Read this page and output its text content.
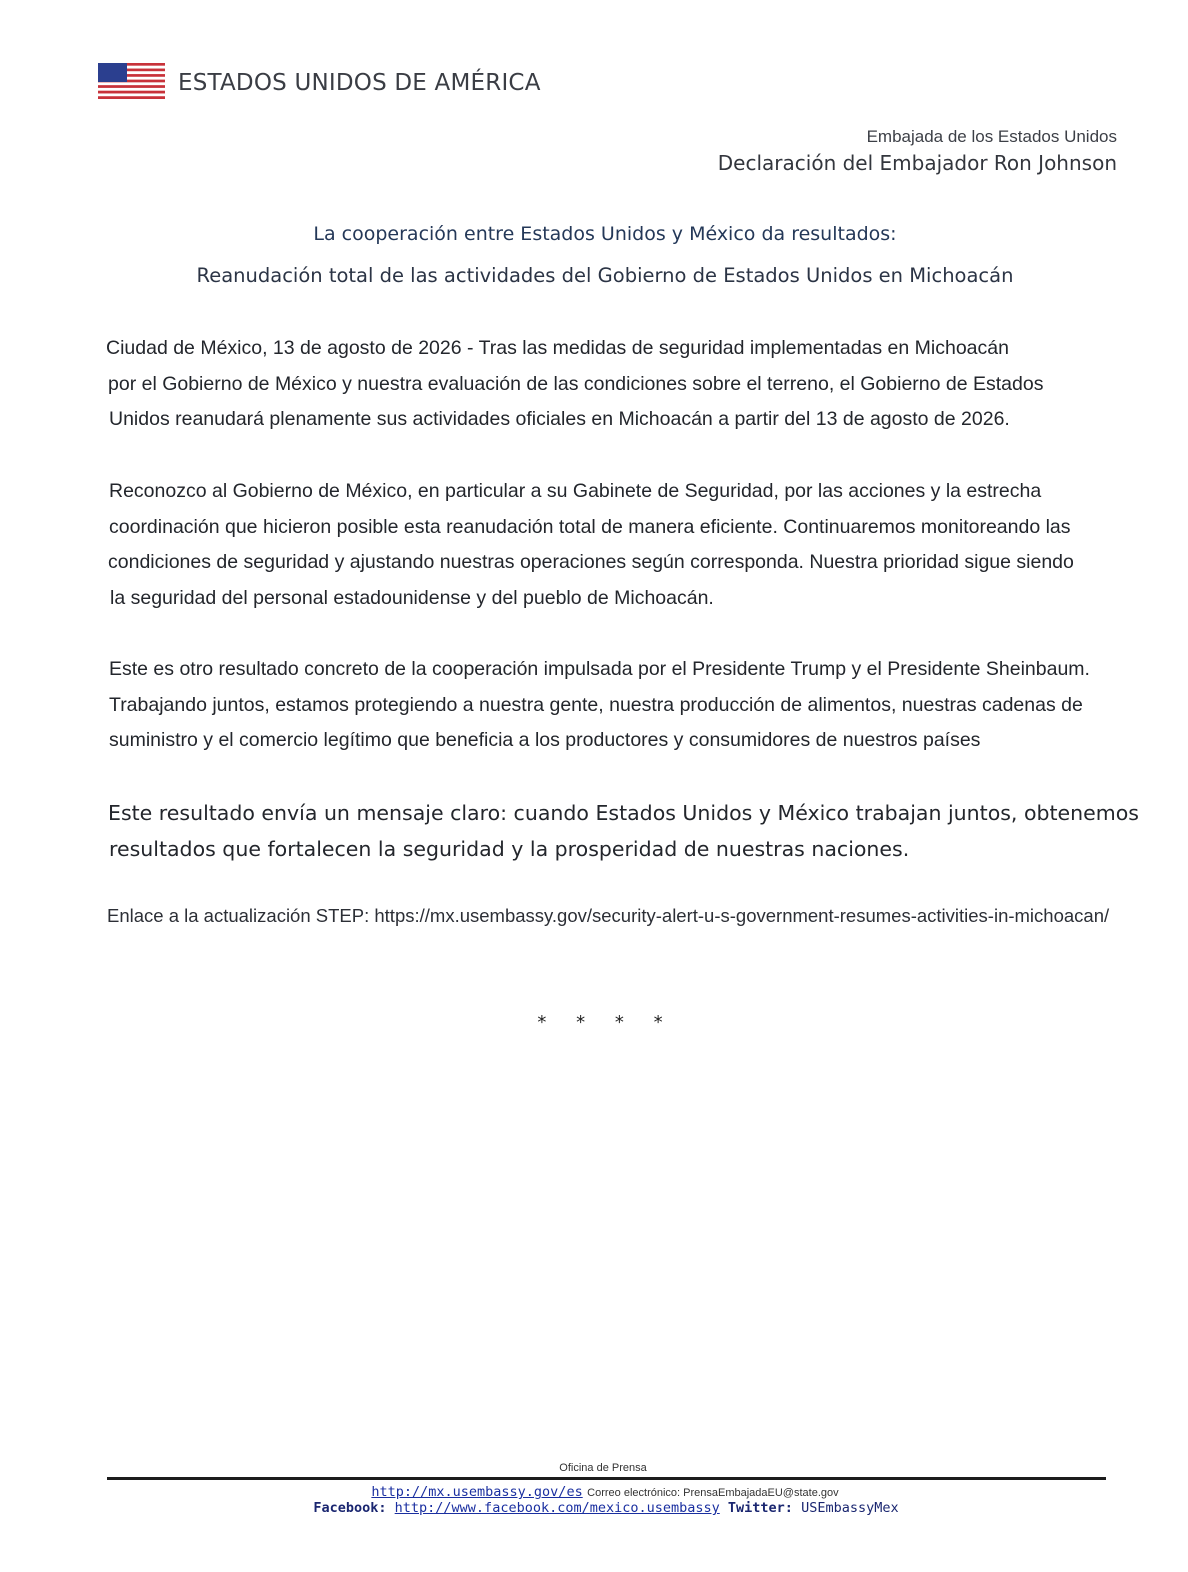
ESTADOS UNIDOS DE AMÉRICA
Embajada de los Estados Unidos
Declaración del Embajador Ron Johnson
La cooperación entre Estados Unidos y México da resultados:
Reanudación total de las actividades del Gobierno de Estados Unidos en Michoacán
Ciudad de México, 13 de agosto de 2026 - Tras las medidas de seguridad implementadas en Michoacán
por el Gobierno de México y nuestra evaluación de las condiciones sobre el terreno, el Gobierno de Estados
Unidos reanudará plenamente sus actividades oficiales en Michoacán a partir del 13 de agosto de 2026.
Reconozco al Gobierno de México, en particular a su Gabinete de Seguridad, por las acciones y la estrecha
coordinación que hicieron posible esta reanudación total de manera eficiente. Continuaremos monitoreando las
condiciones de seguridad y ajustando nuestras operaciones según corresponda. Nuestra prioridad sigue siendo
la seguridad del personal estadounidense y del pueblo de Michoacán.
Este es otro resultado concreto de la cooperación impulsada por el Presidente Trump y el Presidente Sheinbaum.
Trabajando juntos, estamos protegiendo a nuestra gente, nuestra producción de alimentos, nuestras cadenas de
suministro y el comercio legítimo que beneficia a los productores y consumidores de nuestros países
Este resultado envía un mensaje claro: cuando Estados Unidos y México trabajan juntos, obtenemos
resultados que fortalecen la seguridad y la prosperidad de nuestras naciones.
Enlace a la actualización STEP: https://mx.usembassy.gov/security-alert-u-s-government-resumes-activities-in-michoacan/
* * * *
Oficina de Prensa
http://mx.usembassy.gov/es Correo electrónico: PrensaEmbajadaEU@state.gov
Facebook: http://www.facebook.com/mexico.usembassy Twitter: USEmbassyMex
